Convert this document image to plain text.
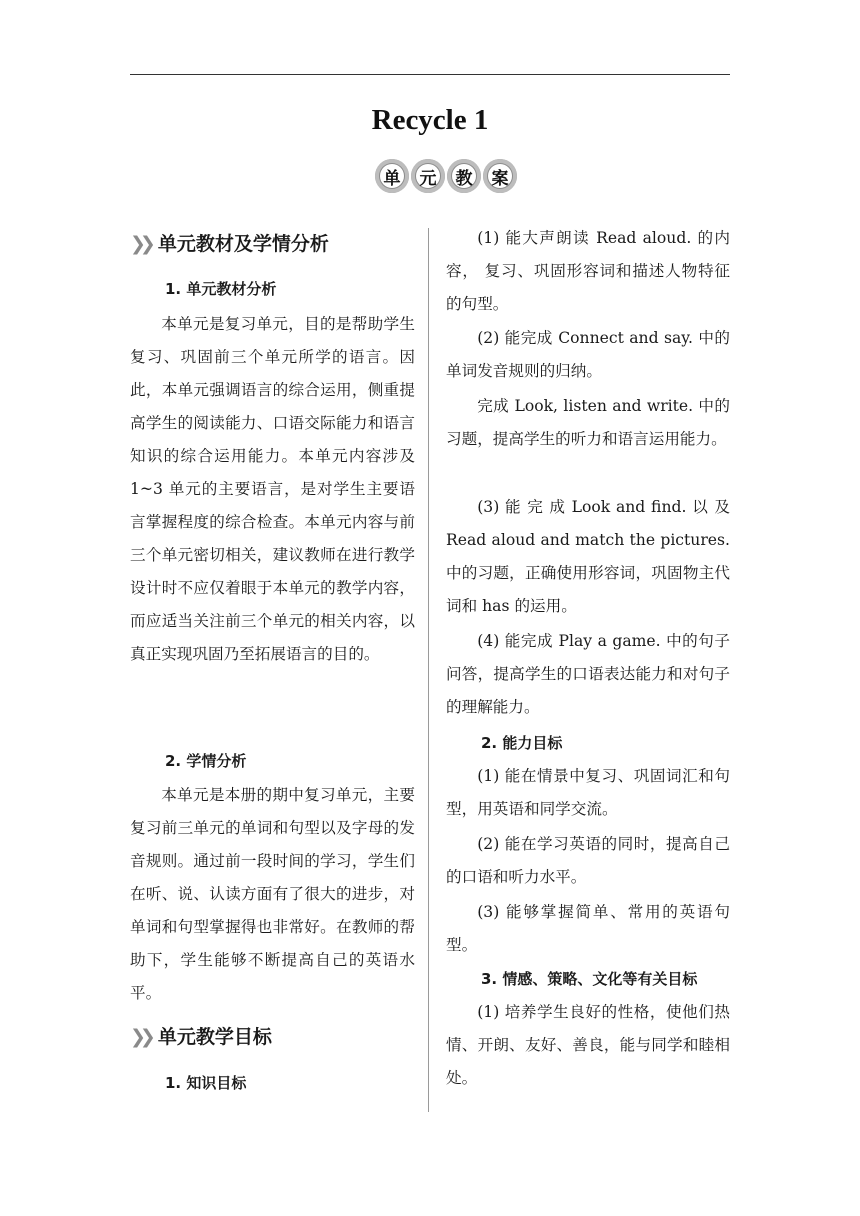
Recycle 1
单 元 教 案
❯❯ 单元教材及学情分析

1. 单元教材分析

本单元是复习单元，目的是帮助学生复习、巩固前三个单元所学的语言。因此，本单元强调语言的综合运用，侧重提高学生的阅读能力、口语交际能力和语言知识的综合运用能力。本单元内容涉及 1~3 单元的主要语言，是对学生主要语言掌握程度的综合检查。本单元内容与前三个单元密切相关，建议教师在进行教学设计时不应仅着眼于本单元的教学内容，而应适当关注前三个单元的相关内容，以真正实现巩固乃至拓展语言的目的。

2. 学情分析

本单元是本册的期中复习单元，主要复习前三单元的单词和句型以及字母的发音规则。通过前一段时间的学习，学生们在听、说、认读方面有了很大的进步，对单词和句型掌握得也非常好。在教师的帮助下，学生能够不断提高自己的英语水平。

❯❯ 单元教学目标

1. 知识目标

(1) 能大声朗读 Read aloud. 的内容， 复习、巩固形容词和描述人物特征的句型。

(2) 能完成 Connect and say. 中的单词发音规则的归纳。

完成 Look, listen and write. 中的习题，提高学生的听力和语言运用能力。

(3) 能 完 成 Look and find. 以 及 Read aloud and match the pictures. 中的习题，正确使用形容词，巩固物主代词和 has 的运用。

(4) 能完成 Play a game. 中的句子问答，提高学生的口语表达能力和对句子的理解能力。

2. 能力目标

(1) 能在情景中复习、巩固词汇和句型，用英语和同学交流。

(2) 能在学习英语的同时，提高自己的口语和听力水平。

(3) 能够掌握简单、常用的英语句型。

3. 情感、策略、文化等有关目标

(1) 培养学生良好的性格，使他们热情、开朗、友好、善良，能与同学和睦相处。
